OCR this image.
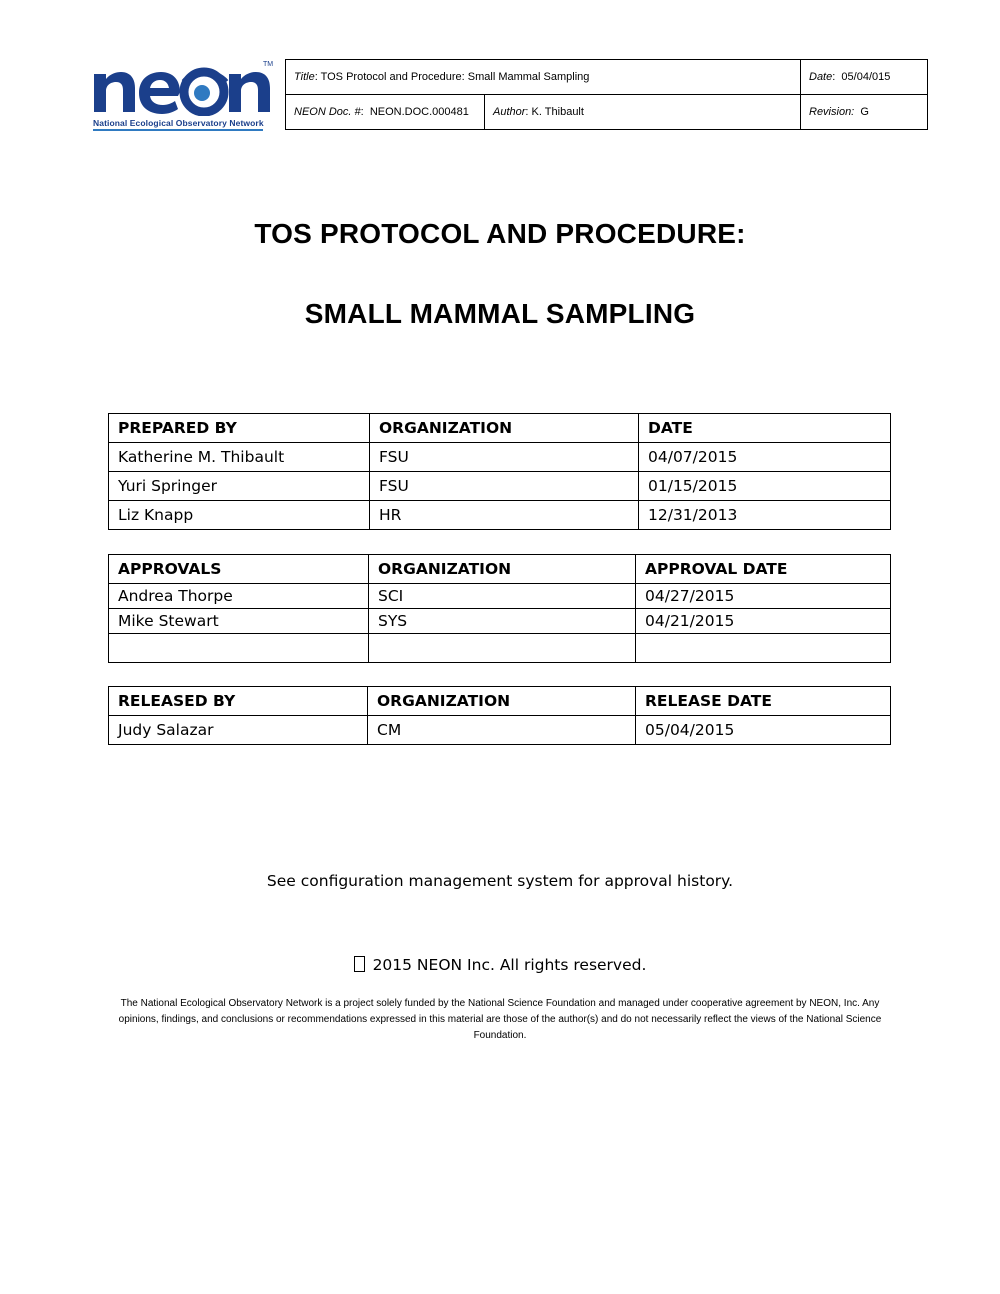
TM
National Ecological Observatory Network
Title: TOS Protocol and Procedure: Small Mammal Sampling		Date:  05/04/015
NEON Doc. #:  NEON.DOC.000481	Author: K. Thibault	Revision: G
TOS PROTOCOL AND PROCEDURE:
SMALL MAMMAL SAMPLING
PREPARED BY	ORGANIZATION	DATE
Katherine M. Thibault	FSU	04/07/2015
Yuri Springer	FSU	01/15/2015
Liz Knapp	HR	12/31/2013
APPROVALS	ORGANIZATION	APPROVAL DATE
Andrea Thorpe	SCI	04/27/2015
Mike Stewart	SYS	04/21/2015

RELEASED BY	ORGANIZATION	RELEASE DATE
Judy Salazar	CM	05/04/2015
See configuration management system for approval history.
2015 NEON Inc. All rights reserved.
The National Ecological Observatory Network is a project solely funded by the National Science Foundation and managed under cooperative agreement by NEON, Inc. Any opinions, findings, and conclusions or recommendations expressed in this material are those of the author(s) and do not necessarily reflect the views of the National Science Foundation.
